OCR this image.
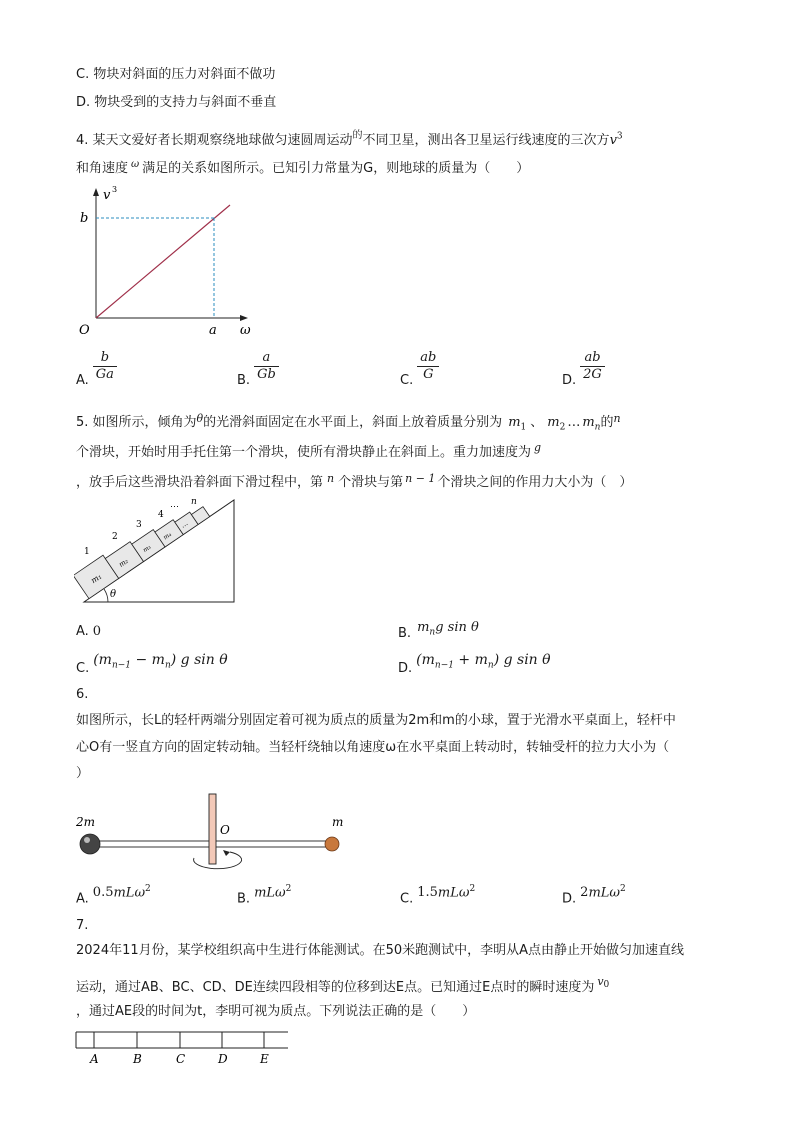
C. 物块对斜面的压力对斜面不做功
D. 物块受到的支持力与斜面不垂直
4. 某天文爱好者长期观察绕地球做匀速圆周运动$^的$不同卫星，测出各卫星运行线速度的三次方$v^3$
和角速度 $^\omega$ 满足的关系如图所示。已知引力常量为G，则地球的质量为（　　）
v 3
b
O	a ω
A. $\frac{b}{Ga}$	B. $\frac{a}{Gb}$	C. $\frac{ab}{G}$	D. $\frac{ab}{2G}$
5. 如图所示，倾角为$^\theta$的光滑斜面固定在水平面上，斜面上放着质量分别为 $m_1$ 、 $m_2$ … $m_n$的$^n$
个滑块，开始时用手托住第一个滑块，使所有滑块静止在斜面上。重力加速度为 $^g$
，放手后这些滑块沿着斜面下滑过程中，第 $^n$ 个滑块与第 $^{n - 1}$ 个滑块之间的作用力大小为（　）
θ
m₁
m₂
m₃
m₄
⋯
1
2
3
4
⋯ n
A. 0	B. $m_ng$ sin θ
$C.(m_{n-1} - m_n)$ g sin θ
$D.(m_{n-1} + m_n)$ g sin θ
6.
如图所示，长L的轻杆两端分别固定着可视为质点的质量为2m和m的小球，置于光滑水平桌面上，轻杆中
心O有一竖直方向的固定转动轴。当轻杆绕轴以角速度ω在水平桌面上转动时，转轴受杆的拉力大小为（
）
2m	m
O
A. 0.5mLω$^2$
B. mLω$^2$
C. 1.5mLω$^2$
D. 2mLω$^2$
7.
2024年11月份，某学校组织高中生进行体能测试。在50米跑测试中，李明从A点由静止开始做匀加速直线
运动，通过AB、BC、CD、DE连续四段相等的位移到达E点。已知通过E点时的瞬时速度为 $^v_0$
，通过AE段的时间为t，李明可视为质点。下列说法正确的是（　　）
A	B	C	D	E
